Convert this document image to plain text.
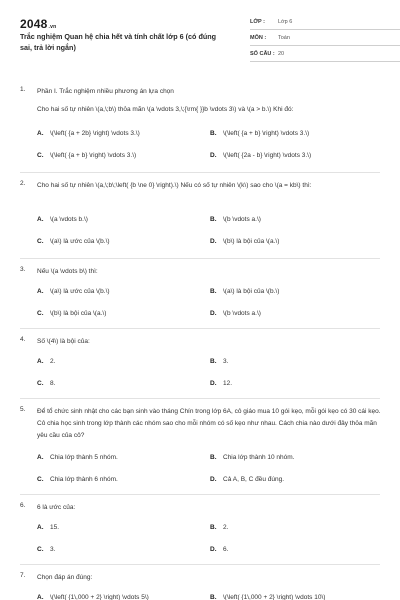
2048.vn
Trắc nghiệm Quan hệ chia hết và tính chất lớp 6 (có đúng sai, trả lời ngắn)
LỚP :	Lớp 6
MÔN :	Toán
SỐ CÂU : 20
1. Phần I. Trắc nghiệm nhiều phương án lựa chọn
Cho hai số tự nhiên \(a,\;b\) thỏa mãn \(a \vdots 3,\;{\rm{ }}b \vdots 3\) và \(a > b.\) Khi đó:
A. \(\left( {a + 2b} \right) \vdots 3.\)	B. \(\left( {a + b} \right) \vdots 3.\)
C. \(\left( {a + b} \right) \vdots 3.\)	D. \(\left( {2a - b} \right) \vdots 3.\)
2. Cho hai số tự nhiên \(a,\;b\;\left( {b \ne 0} \right).\) Nếu có số tự nhiên \(k\) sao cho \(a = kb\) thì:
A. \(a \vdots b.\)	B. \(b \vdots a.\)
C. \(a\) là ước của \(b.\)	D. \(b\) là bội của \(a.\)
3. Nếu \(a \vdots b\) thì:
A. \(a\) là ước của \(b.\)	B. \(a\) là bội của \(b.\)
C. \(b\) là bội của \(a.\)	D. \(b \vdots a.\)
4. Số \(4\) là bội của:
A. 2.	B. 3.
C. 8.	D. 12.
5. Để tổ chức sinh nhật cho các bạn sinh vào tháng Chín trong lớp 6A, cô giáo mua 10 gói kẹo, mỗi gói kẹo có 30 cái kẹo. Cô chia học sinh trong lớp thành các nhóm sao cho mỗi nhóm có số kẹo như nhau. Cách chia nào dưới đây thỏa mãn yêu cầu của cô?
A. Chia lớp thành 5 nhóm.	B. Chia lớp thành 10 nhóm.
C. Chia lớp thành 6 nhóm.	D. Cả A, B, C đều đúng.
6. 6 là ước của:
A. 15.	B. 2.
C. 3.	D. 6.
7. Chọn đáp án đúng:
A. \(\left( {1\,000 + 2} \right) \vdots 5\)	B. \(\left( {1\,000 + 2} \right) \vdots 10\)
